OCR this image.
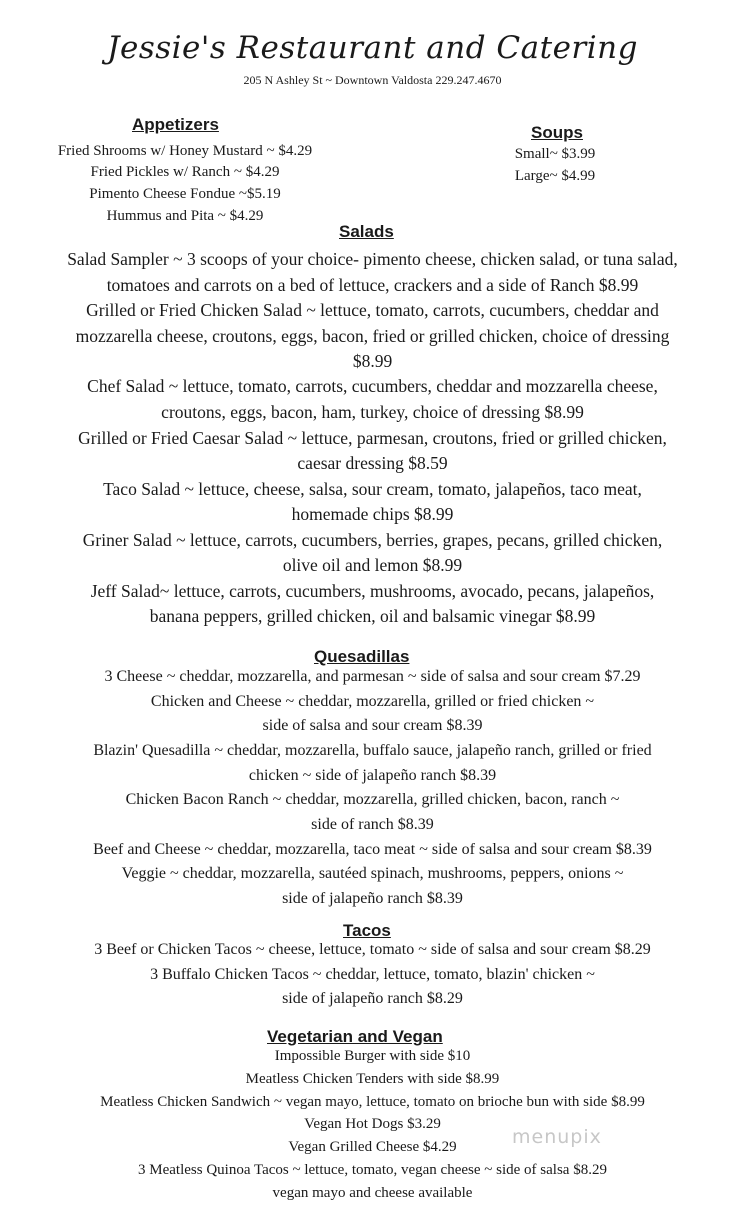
Jessie's Restaurant and Catering
205 N Ashley St ~ Downtown Valdosta 229.247.4670
Appetizers
Fried Shrooms w/ Honey Mustard ~ $4.29
Fried Pickles w/ Ranch ~ $4.29
Pimento Cheese Fondue ~$5.19
Hummus and Pita ~ $4.29
Soups
Small~ $3.99
Large~ $4.99
Salads
Salad Sampler ~ 3 scoops of your choice- pimento cheese, chicken salad, or tuna salad,
tomatoes and carrots on a bed of lettuce, crackers and a side of Ranch $8.99
Grilled or Fried Chicken Salad ~ lettuce, tomato, carrots, cucumbers, cheddar and
mozzarella cheese, croutons, eggs, bacon, fried or grilled chicken, choice of dressing
$8.99
Chef Salad ~ lettuce, tomato, carrots, cucumbers, cheddar and mozzarella cheese,
croutons, eggs, bacon, ham, turkey, choice of dressing $8.99
Grilled or Fried Caesar Salad ~ lettuce, parmesan, croutons, fried or grilled chicken,
caesar dressing $8.59
Taco Salad ~ lettuce, cheese, salsa, sour cream, tomato, jalapeños, taco meat,
homemade chips $8.99
Griner Salad ~ lettuce, carrots, cucumbers, berries, grapes, pecans, grilled chicken,
olive oil and lemon $8.99
Jeff Salad~ lettuce, carrots, cucumbers, mushrooms, avocado, pecans, jalapeños,
banana peppers, grilled chicken, oil and balsamic vinegar $8.99
Quesadillas
3 Cheese ~ cheddar, mozzarella, and parmesan ~ side of salsa and sour cream $7.29
Chicken and Cheese ~ cheddar, mozzarella, grilled or fried chicken ~
side of salsa and sour cream $8.39
Blazin' Quesadilla ~ cheddar, mozzarella, buffalo sauce, jalapeño ranch, grilled or fried
chicken ~ side of jalapeño ranch $8.39
Chicken Bacon Ranch ~ cheddar, mozzarella, grilled chicken, bacon, ranch ~
side of ranch $8.39
Beef and Cheese ~ cheddar, mozzarella, taco meat ~ side of salsa and sour cream $8.39
Veggie ~ cheddar, mozzarella, sautéed spinach, mushrooms, peppers, onions ~
side of jalapeño ranch $8.39
Tacos
3 Beef or Chicken Tacos ~ cheese, lettuce, tomato ~ side of salsa and sour cream $8.29
3 Buffalo Chicken Tacos ~ cheddar, lettuce, tomato, blazin' chicken ~
side of jalapeño ranch $8.29
Vegetarian and Vegan
Impossible Burger with side $10
Meatless Chicken Tenders with side $8.99
Meatless Chicken Sandwich ~ vegan mayo, lettuce, tomato on brioche bun with side $8.99
Vegan Hot Dogs $3.29
Vegan Grilled Cheese $4.29
3 Meatless Quinoa Tacos ~ lettuce, tomato, vegan cheese ~ side of salsa $8.29
vegan mayo and cheese available
menupix
